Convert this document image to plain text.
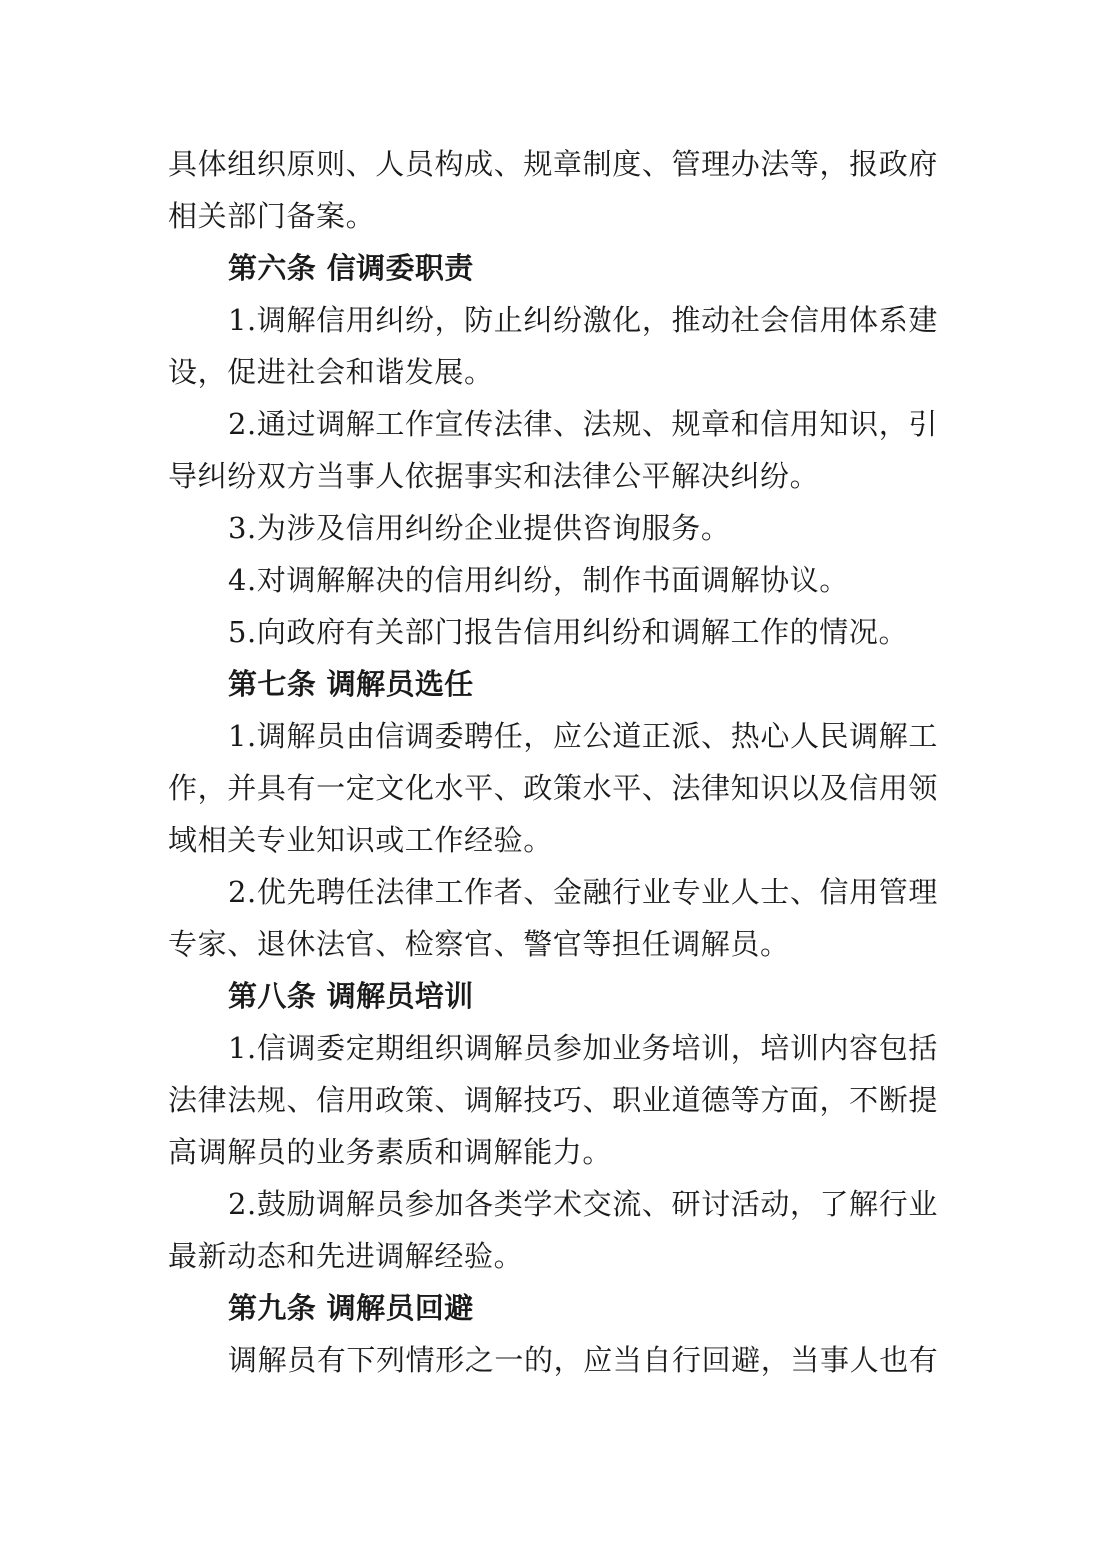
具体组织原则、人员构成、规章制度、管理办法等，报政府
相关部门备案。
第六条 信调委职责
1.调解信用纠纷，防止纠纷激化，推动社会信用体系建
设，促进社会和谐发展。
2.通过调解工作宣传法律、法规、规章和信用知识，引
导纠纷双方当事人依据事实和法律公平解决纠纷。
3.为涉及信用纠纷企业提供咨询服务。
4.对调解解决的信用纠纷，制作书面调解协议。
5.向政府有关部门报告信用纠纷和调解工作的情况。
第七条 调解员选任
1.调解员由信调委聘任，应公道正派、热心人民调解工
作，并具有一定文化水平、政策水平、法律知识以及信用领
域相关专业知识或工作经验。
2.优先聘任法律工作者、金融行业专业人士、信用管理
专家、退休法官、检察官、警官等担任调解员。
第八条 调解员培训
1.信调委定期组织调解员参加业务培训，培训内容包括
法律法规、信用政策、调解技巧、职业道德等方面，不断提
高调解员的业务素质和调解能力。
2.鼓励调解员参加各类学术交流、研讨活动，了解行业
最新动态和先进调解经验。
第九条 调解员回避
调解员有下列情形之一的，应当自行回避，当事人也有
